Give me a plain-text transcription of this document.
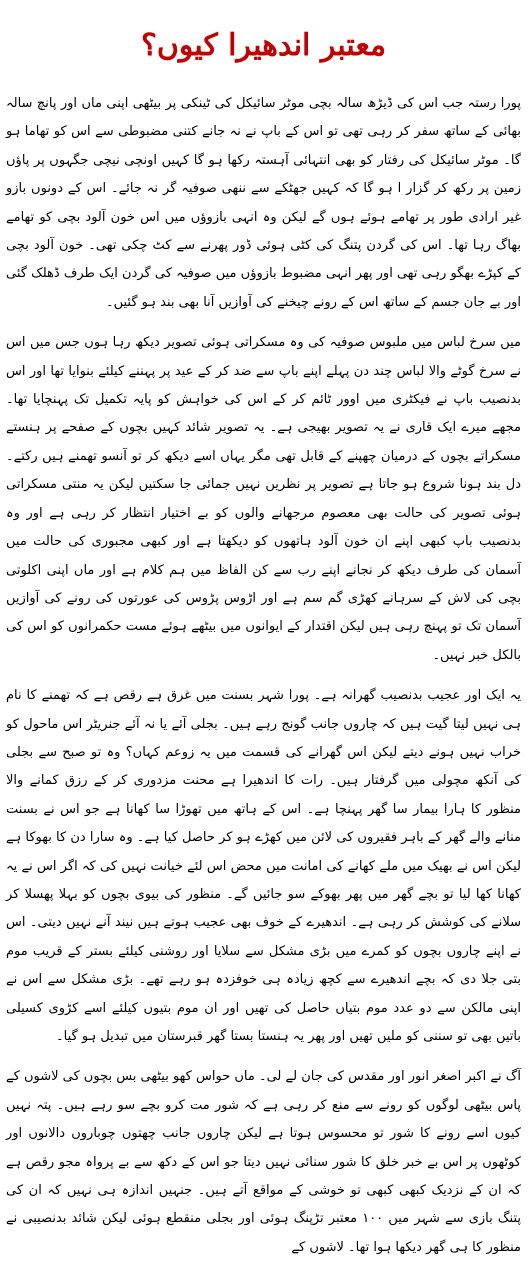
معتبر اندھیرا کیوں؟

پورا رستہ جب اس کی ڈیڑھ سالہ بچی موٹر سائیکل کی ٹینکی پر بیٹھی اپنی ماں اور پانچ سالہ بھائی کے ساتھ سفر کر رہی تھی تو اس کے باپ نے نہ جانے کتنی مضبوطی سے اس کو تھاما ہو گا۔ موٹر سائیکل کی رفتار کو بھی انتہائی آہستہ رکھا ہو گا کہیں اونچی نیچی جگہوں پر پاؤں زمین پر رکھ کر گزار ا ہو گا کہ کہیں جھٹکے سے ننھی صوفیہ گر نہ جائے۔ اس کے دونوں بازو غیر ارادی طور پر تھامے ہوئے ہوں گے لیکن وہ انہی بازوؤں میں اس خون آلود بچی کو تھامے بھاگ رہا تھا۔ اس کی گردن پتنگ کی کٹی ہوئی ڈور پھرنے سے کٹ چکی تھی۔ خون آلود بچی کے کپڑے بھگو رہی تھی اور پھر انہی مضبوط بازوؤں میں صوفیہ کی گردن ایک طرف ڈھلک گئی اور بے جان جسم کے ساتھ اس کے رونے چیخنے کی آوازیں آنا بھی بند ہو گئیں۔

میں سرخ لباس میں ملبوس صوفیہ کی وہ مسکراتی ہوئی تصویر دیکھ رہا ہوں جس میں اس نے سرخ گوٹے والا لباس چند دن پہلے اپنے باپ سے ضد کر کے عید پر پہننے کیلئے بنوایا تھا اور اس بدنصیب باپ نے فیکٹری میں اوور ٹائم کر کے اس کی خواہش کو پایہ تکمیل تک پہنچایا تھا۔ مجھے میرے ایک قاری نے یہ تصویر بھیجی ہے۔ یہ تصویر شائد کہیں بچوں کے صفحے پر ہنستے مسکراتے بچوں کے درمیان چھپنے کے قابل تھی مگر یہاں اسے دیکھ کر تو آنسو تھمنے ہیں رکتے۔ دل بند ہونا شروع ہو جاتا ہے تصویر پر نظریں نہیں جمائی جا سکتیں لیکن یہ منتی مسکراتی ہوئی تصویر کی حالت بھی معصوم مرجھانے والوں کو بے اختیار انتظار کر رہی ہے اور وہ بدنصیب باپ کبھی اپنے ان خون آلود ہاتھوں کو دیکھتا ہے اور کبھی مجبوری کی حالت میں آسمان کی طرف دیکھ کر نجانے اپنے رب سے کن الفاظ میں ہم کلام ہے اور ماں اپنی اکلوتی بچی کی لاش کے سرہانے کھڑی گم سم ہے اور اڑوس پڑوس کی عورتوں کی رونے کی آوازیں آسمان تک تو پہنچ رہی ہیں لیکن اقتدار کے ایوانوں میں بیٹھے ہوئے مست حکمرانوں کو اس کی بالکل خبر نہیں۔

یہ ایک اور عجیب بدنصیب گھرانہ ہے۔ پورا شہر بسنت میں غرق ہے رقص ہے کہ تھمنے کا نام ہی نہیں لیتا گیت ہیں کہ چاروں جانب گونج رہے ہیں۔ بجلی آئے یا نہ آئے جنریٹر اس ماحول کو خراب نہیں ہونے دیتے لیکن اس گھرانے کی قسمت میں یہ زوعم کہاں؟ وہ تو صبح سے بجلی کی آنکھ مچولی میں گرفتار ہیں۔ رات کا اندھیرا ہے محنت مزدوری کر کے رزق کمانے والا منظور کا ہارا بیمار سا گھر پہنچا ہے۔ اس کے ہاتھ میں تھوڑا سا کھانا ہے جو اس نے بسنت منانے والے گھر کے باہر فقیروں کی لائن میں کھڑے ہو کر حاصل کیا ہے۔ وہ سارا دن کا بھوکا ہے لیکن اس نے بھیک میں ملے کھانے کی امانت میں محض اس لئے خیانت نہیں کی کہ اگر اس نے یہ کھانا کھا لیا تو بچے گھر میں پھر بھوکے سو جائیں گے۔ منظور کی بیوی بچوں کو بہلا پھسلا کر سلانے کی کوشش کر رہی ہے۔ اندھیرے کے خوف بھی عجیب ہوتے ہیں نیند آنے نہیں دیتی۔ اس نے اپنے چاروں بچوں کو کمرے میں بڑی مشکل سے سلایا اور روشنی کیلئے بستر کے قریب موم بتی جلا دی کہ بچے اندھیرے سے کچھ زیادہ ہی خوفزدہ ہو رہے تھے۔ بڑی مشکل سے اس نے اپنی مالکن سے دو عدد موم بتیاں حاصل کی تھیں اور ان موم بتیوں کیلئے اسے کڑوی کسیلی باتیں بھی تو سننی کو ملیں تھیں اور پھر یہ ہنستا بستا گھر قبرستان میں تبدیل ہو گیا۔

آگ نے اکبر اصغر انور اور مقدس کی جان لے لی۔ ماں حواس کھو بیٹھی بس بچوں کی لاشوں کے پاس بیٹھی لوگوں کو رونے سے منع کر رہی ہے کہ شور مت کرو بچے سو رہے ہیں۔ پتہ نہیں کیوں اسے رونے کا شور تو محسوس ہوتا ہے لیکن چاروں جانب چھتوں چوباروں دالانوں اور کوٹھوں پر اس بے خبر خلق کا شور سنائی نہیں دیتا جو اس کے دکھ سے بے پرواہ مجو رقص ہے کہ ان کے نزدیک کبھی کبھی تو خوشی کے مواقع آتے ہیں۔ جنہیں اندازہ ہی نہیں کہ ان کی پتنگ بازی سے شہر میں ۱۰۰ معتبر تڑپنگ ہوئی اور بجلی منقطع ہوئی لیکن شائد بدنصیبی نے منظور کا ہی گھر دیکھا ہوا تھا۔ لاشوں کے
